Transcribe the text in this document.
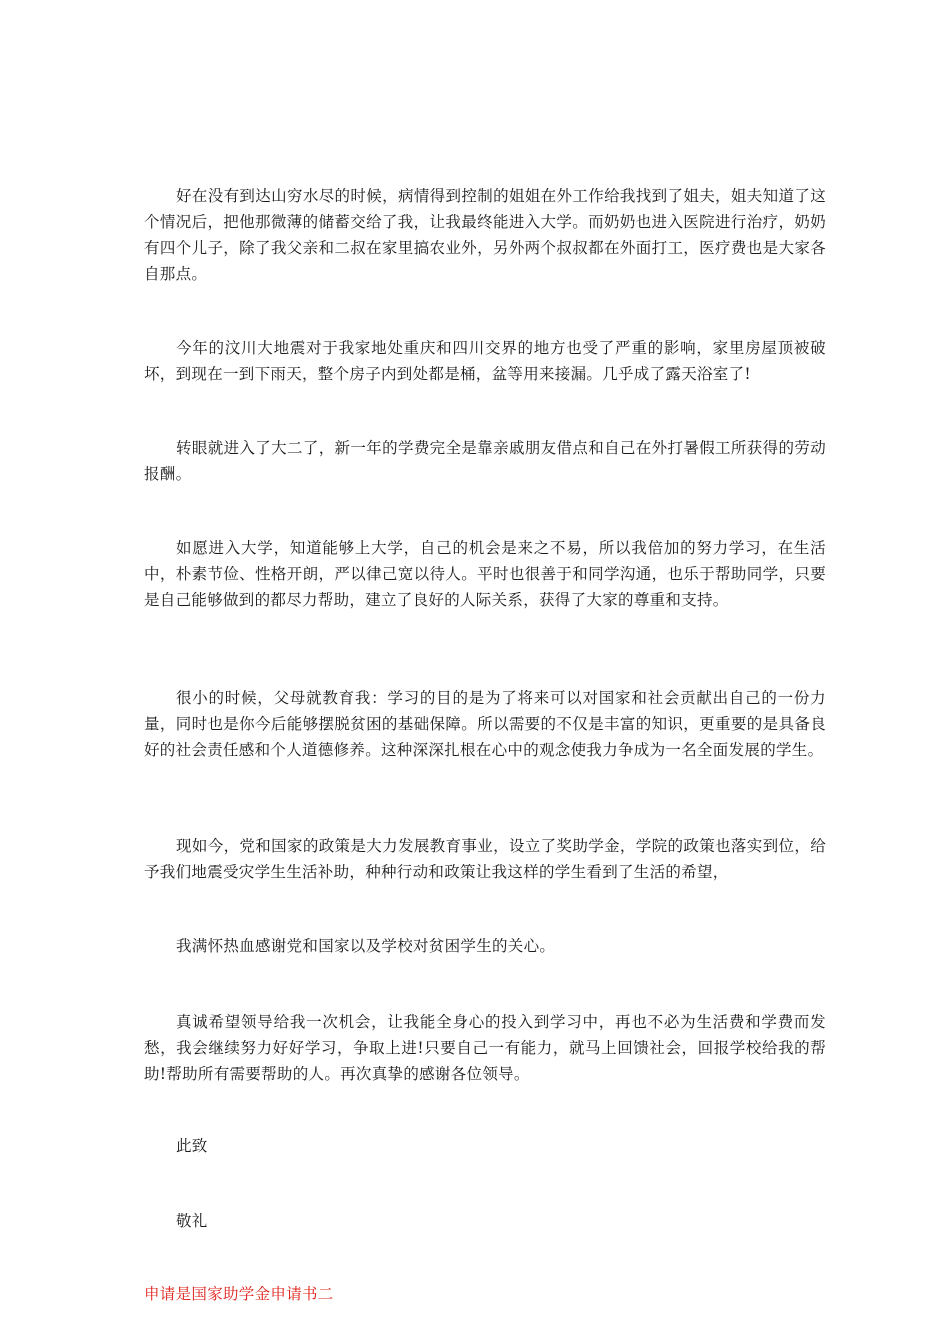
好在没有到达山穷水尽的时候，病情得到控制的姐姐在外工作给我找到了姐夫，姐夫知道了这个情况后，把他那微薄的储蓄交给了我，让我最终能进入大学。而奶奶也进入医院进行治疗，奶奶有四个儿子，除了我父亲和二叔在家里搞农业外，另外两个叔叔都在外面打工，医疗费也是大家各自那点。

今年的汶川大地震对于我家地处重庆和四川交界的地方也受了严重的影响，家里房屋顶被破坏，到现在一到下雨天，整个房子内到处都是桶，盆等用来接漏。几乎成了露天浴室了!

转眼就进入了大二了，新一年的学费完全是靠亲戚朋友借点和自己在外打暑假工所获得的劳动报酬。

如愿进入大学，知道能够上大学，自己的机会是来之不易，所以我倍加的努力学习，在生活中，朴素节俭、性格开朗，严以律己宽以待人。平时也很善于和同学沟通，也乐于帮助同学，只要是自己能够做到的都尽力帮助，建立了良好的人际关系，获得了大家的尊重和支持。

很小的时候，父母就教育我：学习的目的是为了将来可以对国家和社会贡献出自己的一份力量，同时也是你今后能够摆脱贫困的基础保障。所以需要的不仅是丰富的知识，更重要的是具备良好的社会责任感和个人道德修养。这种深深扎根在心中的观念使我力争成为一名全面发展的学生。

现如今，党和国家的政策是大力发展教育事业，设立了奖助学金，学院的政策也落实到位，给予我们地震受灾学生生活补助，种种行动和政策让我这样的学生看到了生活的希望，

我满怀热血感谢党和国家以及学校对贫困学生的关心。

真诚希望领导给我一次机会，让我能全身心的投入到学习中，再也不必为生活费和学费而发愁，我会继续努力好好学习，争取上进!只要自己一有能力，就马上回馈社会，回报学校给我的帮助!帮助所有需要帮助的人。再次真挚的感谢各位领导。

此致

敬礼

申请是国家助学金申请书二
